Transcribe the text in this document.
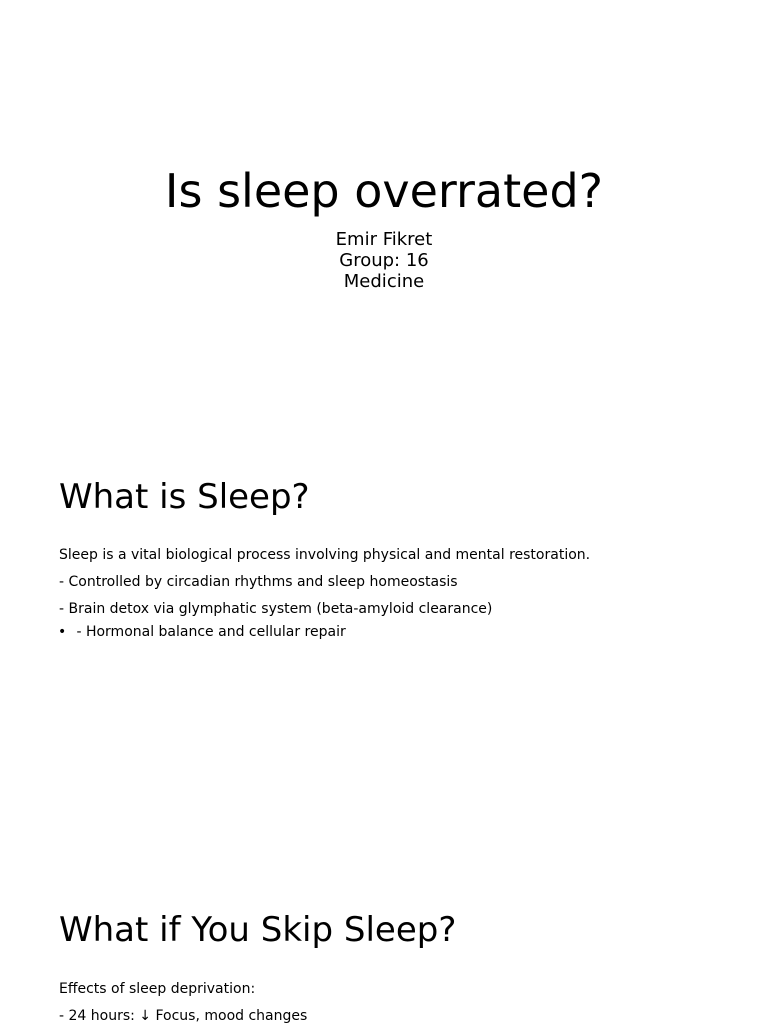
Is sleep overrated?
Emir Fikret
Group: 16
Medicine
What is Sleep?
Sleep is a vital biological process involving physical and mental restoration.
- Controlled by circadian rhythms and sleep homeostasis
- Brain detox via glymphatic system (beta-amyloid clearance)
• - Hormonal balance and cellular repair
What if You Skip Sleep?
Effects of sleep deprivation:
- 24 hours: ↓ Focus, mood changes
